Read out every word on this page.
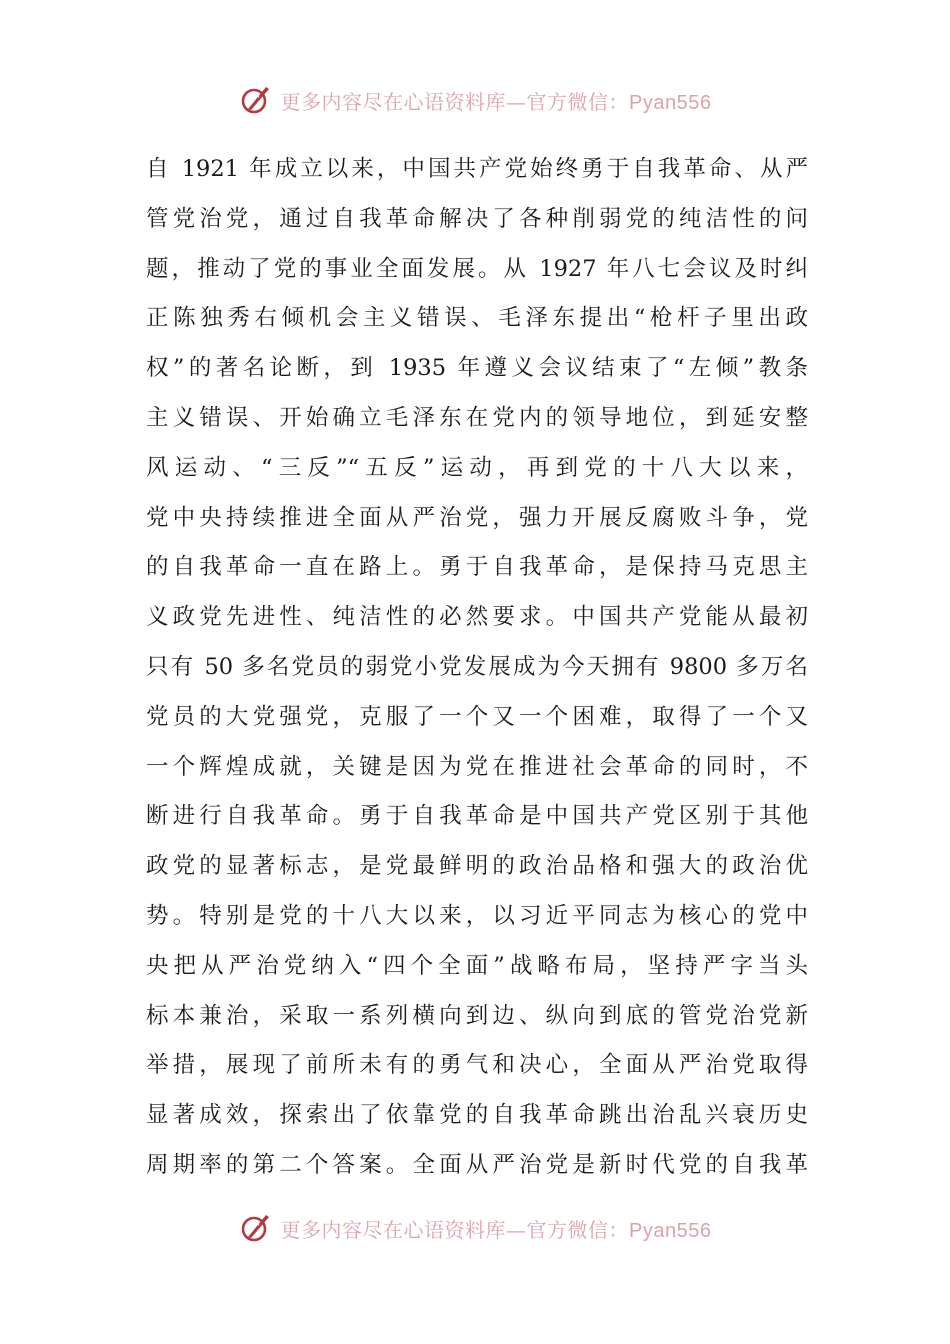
更多内容尽在心语资料库—官方微信：Pyan556
自 1921 年成立以来，中国共产党始终勇于自我革命、从严
管党治党，通过自我革命解决了各种削弱党的纯洁性的问
题，推动了党的事业全面发展。从 1927 年八七会议及时纠
正陈独秀右倾机会主义错误、毛泽东提出“枪杆子里出政
权”的著名论断，到 1935 年遵义会议结束了“左倾”教条
主义错误、开始确立毛泽东在党内的领导地位，到延安整
风运动、“三反”“五反”运动，再到党的十八大以来，
党中央持续推进全面从严治党，强力开展反腐败斗争，党
的自我革命一直在路上。勇于自我革命，是保持马克思主
义政党先进性、纯洁性的必然要求。中国共产党能从最初
只有 50 多名党员的弱党小党发展成为今天拥有 9800 多万名
党员的大党强党，克服了一个又一个困难，取得了一个又
一个辉煌成就，关键是因为党在推进社会革命的同时，不
断进行自我革命。勇于自我革命是中国共产党区别于其他
政党的显著标志，是党最鲜明的政治品格和强大的政治优
势。特别是党的十八大以来，以习近平同志为核心的党中
央把从严治党纳入“四个全面”战略布局，坚持严字当头
标本兼治，采取一系列横向到边、纵向到底的管党治党新
举措，展现了前所未有的勇气和决心，全面从严治党取得
显著成效，探索出了依靠党的自我革命跳出治乱兴衰历史
周期率的第二个答案。全面从严治党是新时代党的自我革
更多内容尽在心语资料库—官方微信：Pyan556
